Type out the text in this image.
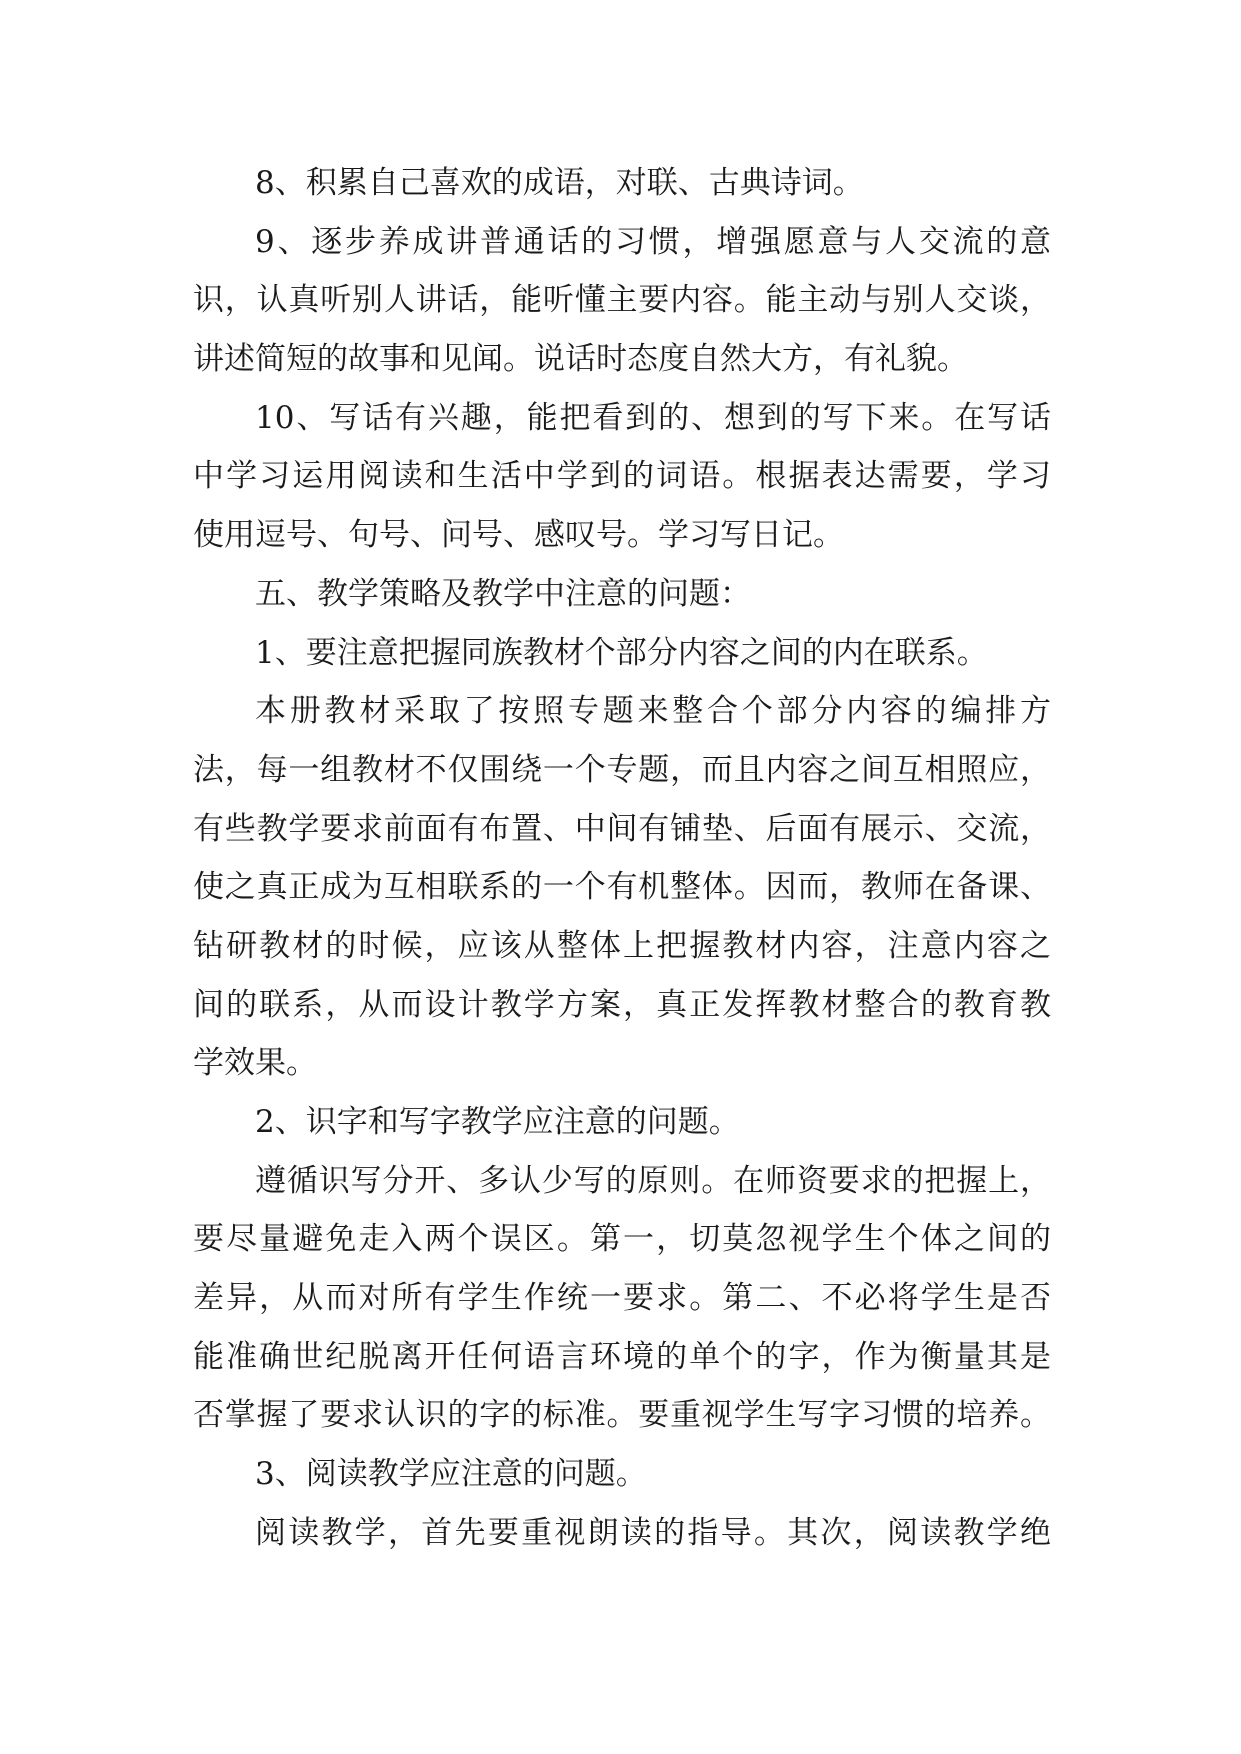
8、积累自己喜欢的成语，对联、古典诗词。
9、逐步养成讲普通话的习惯，增强愿意与人交流的意
识，认真听别人讲话，能听懂主要内容。能主动与别人交谈，
讲述简短的故事和见闻。说话时态度自然大方，有礼貌。
10、写话有兴趣，能把看到的、想到的写下来。在写话
中学习运用阅读和生活中学到的词语。根据表达需要，学习
使用逗号、句号、问号、感叹号。学习写日记。
五、教学策略及教学中注意的问题：
1、要注意把握同族教材个部分内容之间的内在联系。
本册教材采取了按照专题来整合个部分内容的编排方
法，每一组教材不仅围绕一个专题，而且内容之间互相照应，
有些教学要求前面有布置、中间有铺垫、后面有展示、交流，
使之真正成为互相联系的一个有机整体。因而，教师在备课、
钻研教材的时候，应该从整体上把握教材内容，注意内容之
间的联系，从而设计教学方案，真正发挥教材整合的教育教
学效果。
2、识字和写字教学应注意的问题。
遵循识写分开、多认少写的原则。在师资要求的把握上，
要尽量避免走入两个误区。第一，切莫忽视学生个体之间的
差异，从而对所有学生作统一要求。第二、不必将学生是否
能准确世纪脱离开任何语言环境的单个的字，作为衡量其是
否掌握了要求认识的字的标准。要重视学生写字习惯的培养。
3、阅读教学应注意的问题。
阅读教学，首先要重视朗读的指导。其次，阅读教学绝
